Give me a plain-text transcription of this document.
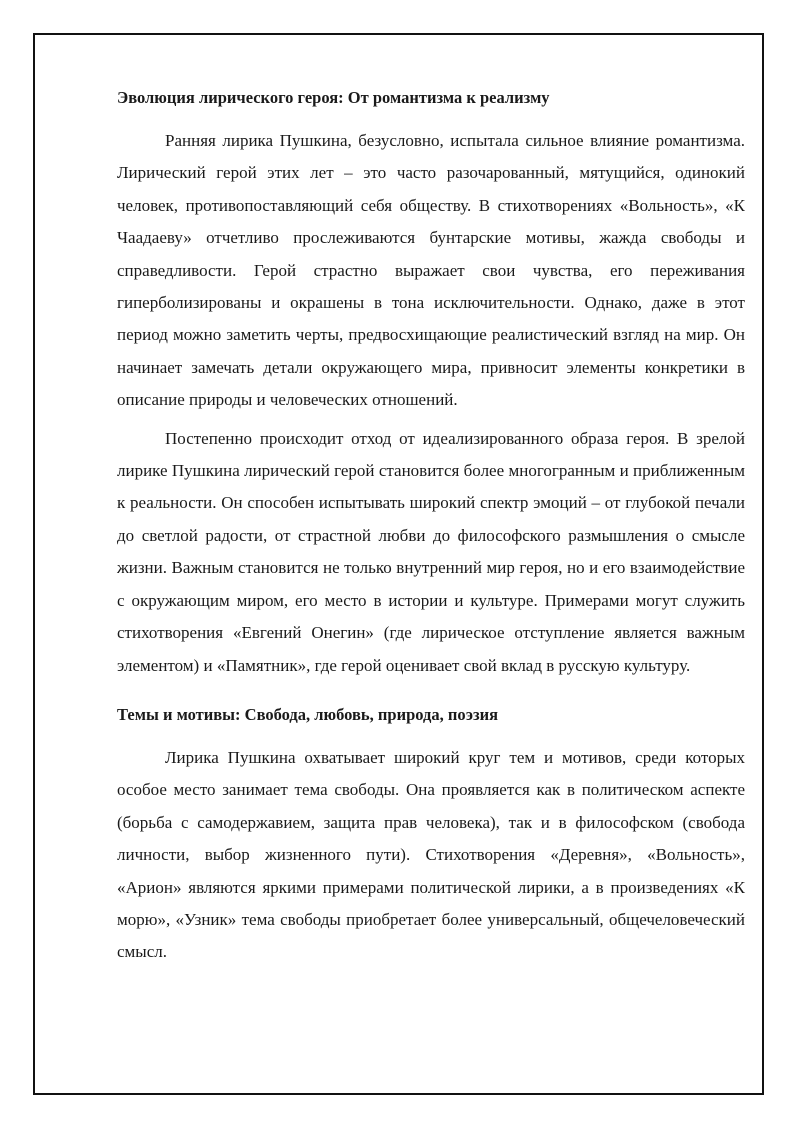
Эволюция лирического героя: От романтизма к реализму

Ранняя лирика Пушкина, безусловно, испытала сильное влияние романтизма. Лирический герой этих лет – это часто разочарованный, мятущийся, одинокий человек, противопоставляющий себя обществу. В стихотворениях «Вольность», «К Чаадаеву» отчетливо прослеживаются бунтарские мотивы, жажда свободы и справедливости. Герой страстно выражает свои чувства, его переживания гиперболизированы и окрашены в тона исключительности. Однако, даже в этот период можно заметить черты, предвосхищающие реалистический взгляд на мир. Он начинает замечать детали окружающего мира, привносит элементы конкретики в описание природы и человеческих отношений.

Постепенно происходит отход от идеализированного образа героя. В зрелой лирике Пушкина лирический герой становится более многогранным и приближенным к реальности. Он способен испытывать широкий спектр эмоций – от глубокой печали до светлой радости, от страстной любви до философского размышления о смысле жизни. Важным становится не только внутренний мир героя, но и его взаимодействие с окружающим миром, его место в истории и культуре. Примерами могут служить стихотворения «Евгений Онегин» (где лирическое отступление является важным элементом) и «Памятник», где герой оценивает свой вклад в русскую культуру.

Темы и мотивы: Свобода, любовь, природа, поэзия

Лирика Пушкина охватывает широкий круг тем и мотивов, среди которых особое место занимает тема свободы. Она проявляется как в политическом аспекте (борьба с самодержавием, защита прав человека), так и в философском (свобода личности, выбор жизненного пути). Стихотворения «Деревня», «Вольность», «Арион» являются яркими примерами политической лирики, а в произведениях «К морю», «Узник» тема свободы приобретает более универсальный, общечеловеческий смысл.
